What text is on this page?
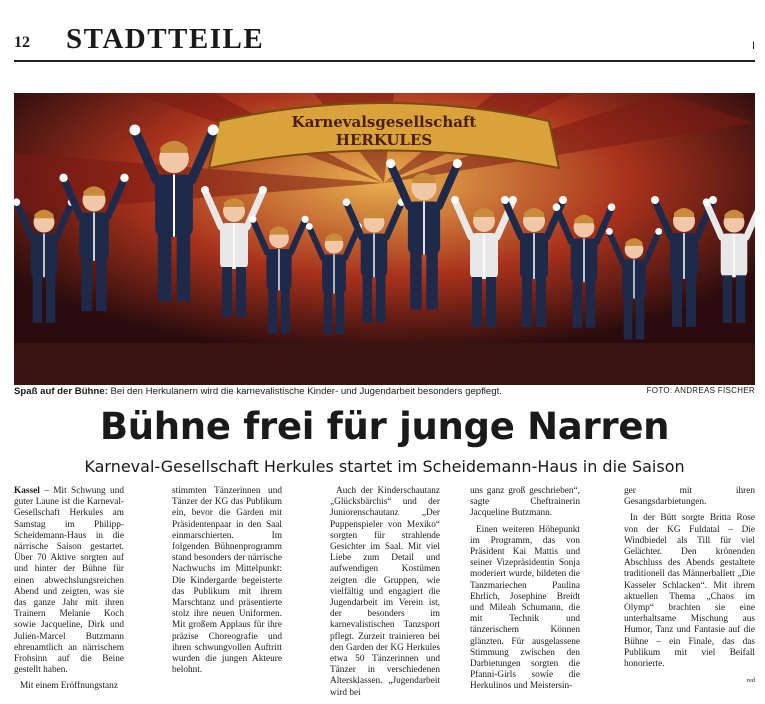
12 STADTTEILE	I
Karnevalsgesellschaft
HERKULES
Spaß auf der Bühne: Bei den Herkulanern wird die karnevalistische Kinder- und Jugendarbeit besonders gepflegt.	FOTO: ANDREAS FISCHER
Bühne frei für junge Narren
Karneval-Gesellschaft Herkules startet im Scheidemann-Haus in die Saison

Kassel – Mit Schwung und guter Laune ist die Karneval-Gesellschaft Herkules am Samstag im Philipp-Scheidemann-Haus in die närrische Saison gestartet. Über 70 Aktive sorgten auf und hinter der Bühne für einen abwechslungsreichen Abend und zeigten, was sie das ganze Jahr mit ihren Trainern Melanie Koch sowie Jacqueline, Dirk und Julien-Marcel Butzmann ehrenamtlich an närrischem Frohsinn auf die Beine gestellt haben.

Mit einem Eröffnungstanz

stimmten Tänzerinnen und Tänzer der KG das Publikum ein, bevor die Garden mit Präsidentenpaar in den Saal einmarschierten. Im folgenden Bühnenprogramm stand besonders der närrische Nachwuchs im Mittelpunkt: Die Kindergarde begeisterte das Publikum mit ihrem Marschtanz und präsentierte stolz ihre neuen Uniformen. Mit großem Applaus für ihre präzise Choreografie und ihren schwungvollen Auftritt wurden die jungen Akteure belohnt.

Auch der Kinderschautanz „Glücksbärchis“ und der Juniorenschautanz „Der Puppenspieler von Mexiko“ sorgten für strahlende Gesichter im Saal. Mit viel Liebe zum Detail und aufwendigen Kostümen zeigten die Gruppen, wie vielfältig und engagiert die Jugendarbeit im Verein ist, der besonders im karnevalistischen Tanzsport pflegt. Zurzeit trainieren bei den Garden der KG Herkules etwa 50 Tänzerinnen und Tänzer in verschiedenen Altersklassen. „Jugendarbeit wird bei

uns ganz groß geschrieben“, sagte Cheftrainerin Jacqueline Butzmann.

Einen weiteren Höhepunkt im Programm, das von Präsident Kai Mattis und seiner Vizepräsidentin Sonja moderiert wurde, bildeten die Tanzmariechen Paulina Ehrlich, Josephine Breidt und Mileah Schumann, die mit Technik und tänzerischem Können glänzten. Für ausgelassene Stimmung zwischen den Darbietungen sorgten die Pfanni-Girls sowie die Herkulinos und Meistersin-

ger mit ihren Gesangsdarbietungen.

In der Bütt sorgte Britta Rose von der KG Fuldatal – Die Windbiedel als Till für viel Gelächter. Den krönenden Abschluss des Abends gestaltete traditionell das Männerballett „Die Kasseler Schlacken“. Mit ihrem aktuellen Thema „Chaos im Olymp“ brachten sie eine unterhaltsame Mischung aus Humor, Tanz und Fantasie auf die Bühne – ein Finale, das das Publikum mit viel Beifall honorierte.

red
